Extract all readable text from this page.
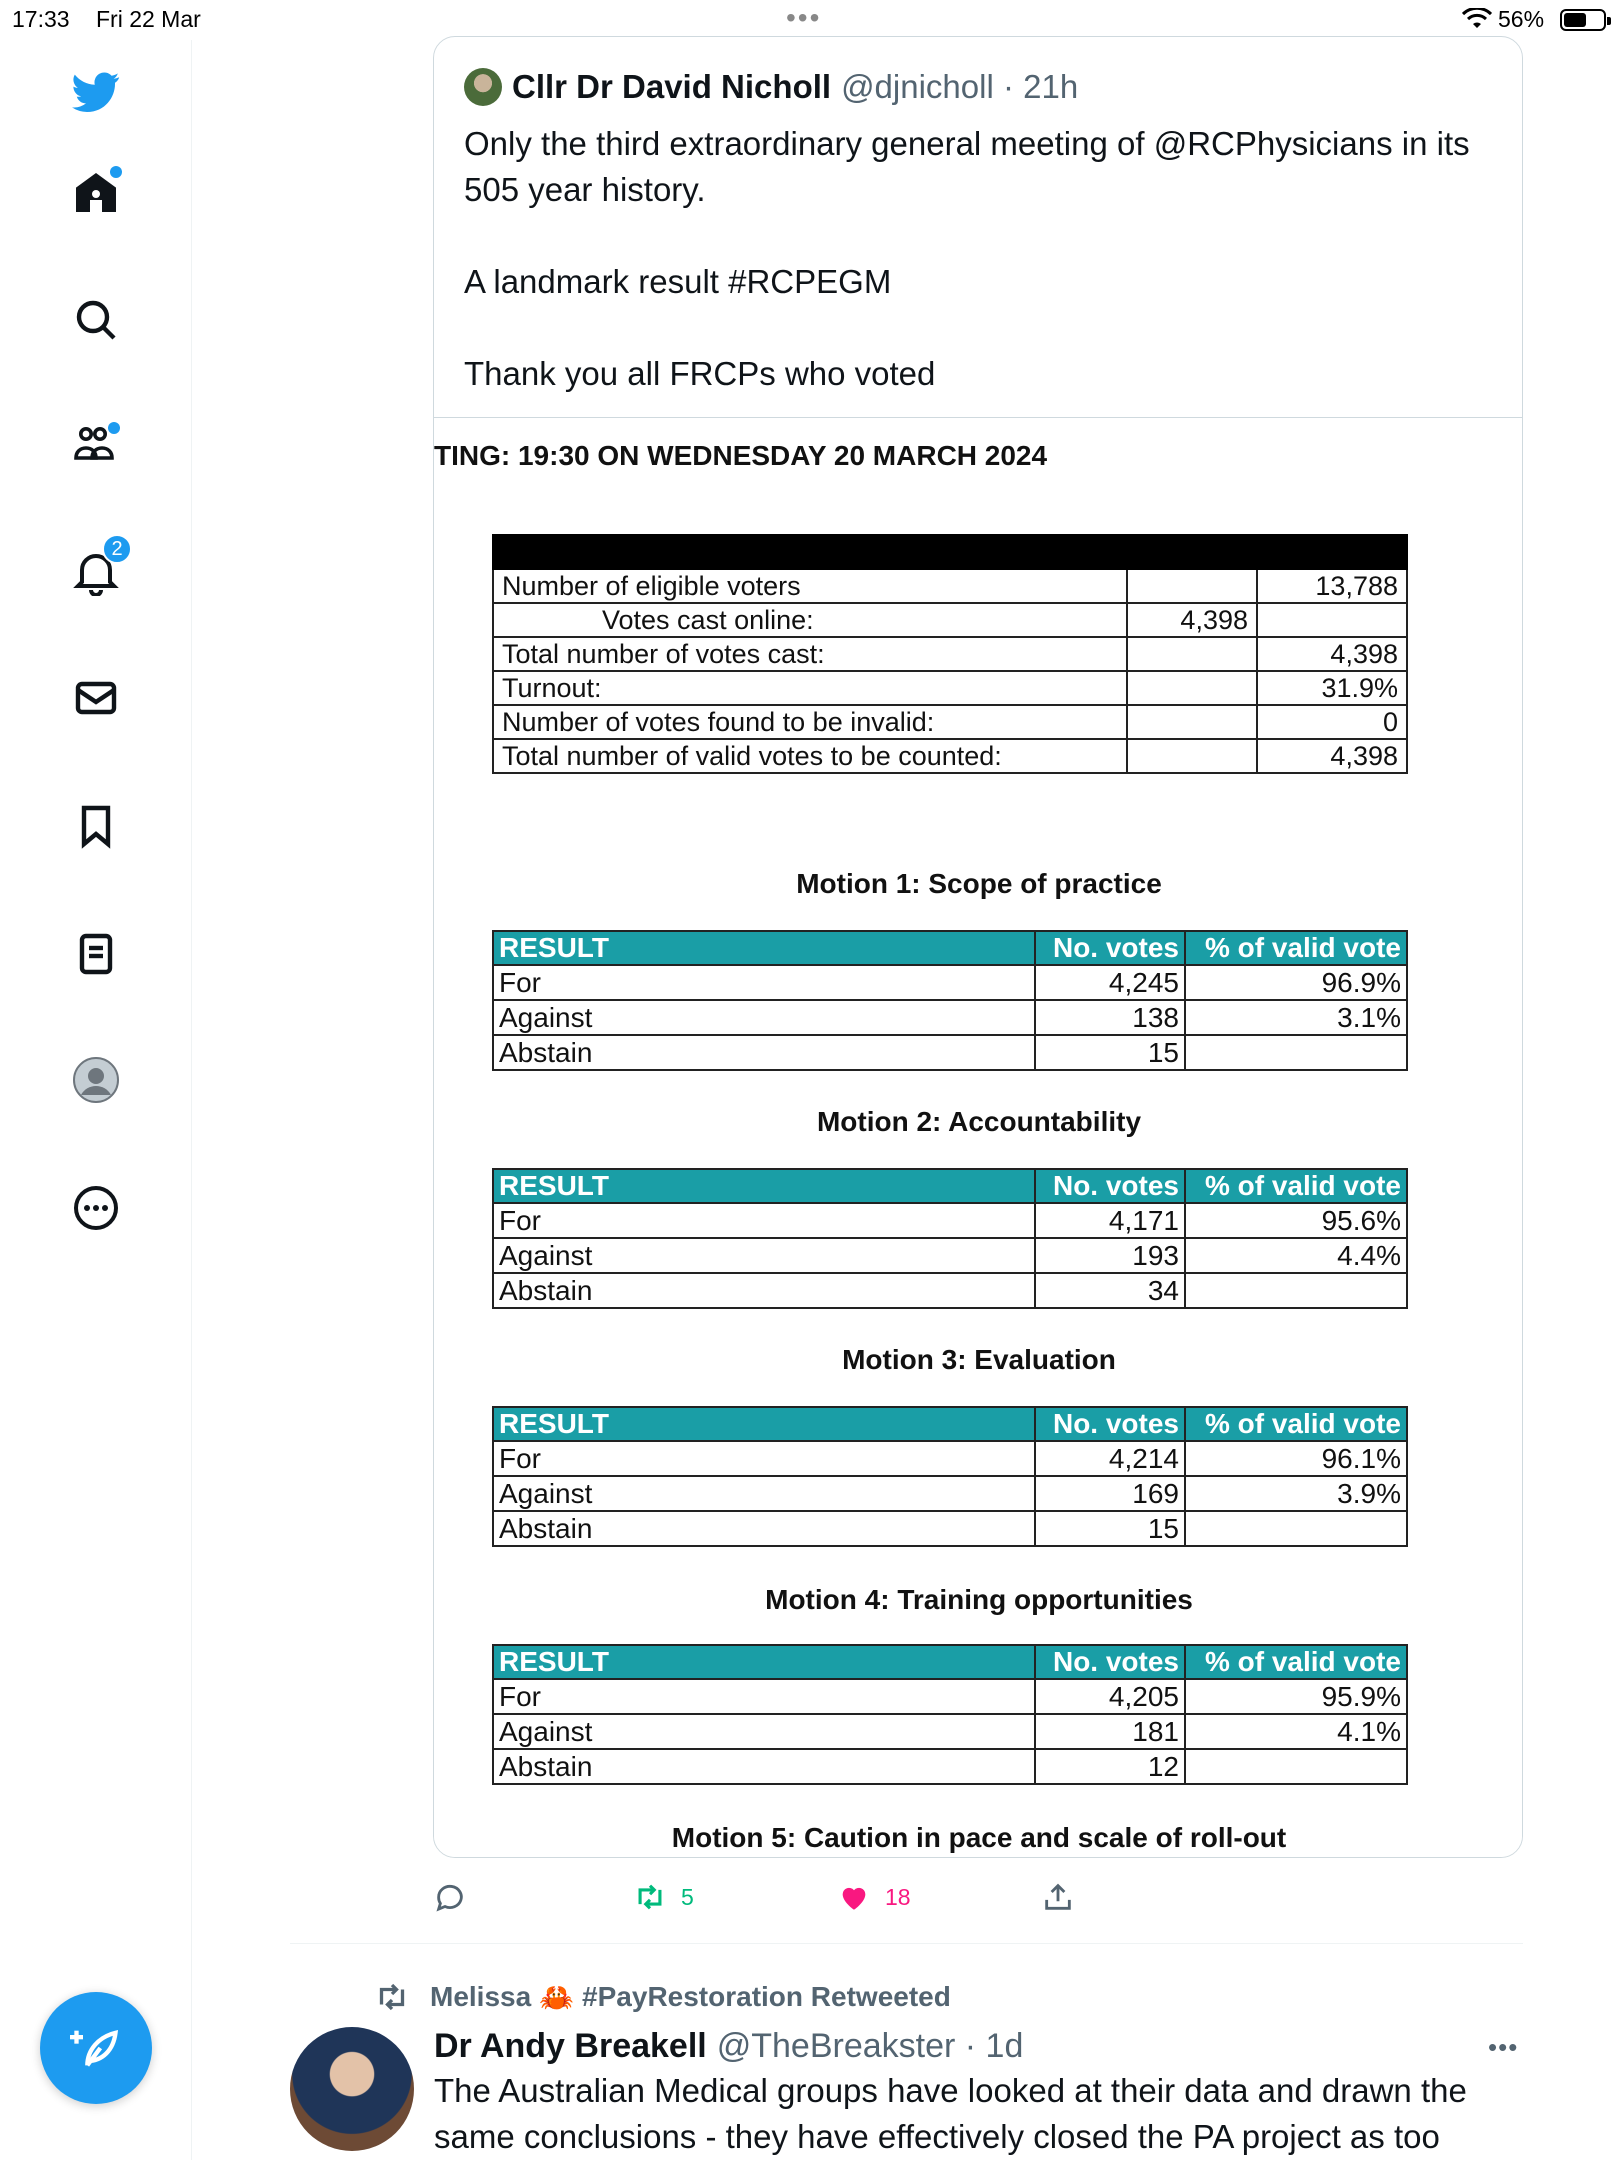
17:33 Fri 22 Mar	•••	56%
2
Cllr Dr David Nicholl @djnicholl · 21h
Only the third extraordinary general meeting of @RCPhysicians in its 505 year history.

A landmark result #RCPEGM

Thank you all FRCPs who voted
TING: 19:30 ON WEDNESDAY 20 MARCH 2024

Number of eligible voters		13,788
Votes cast online:	4,398	
Total number of votes cast:		4,398
Turnout:		31.9%
Number of votes found to be invalid:		0
Total number of valid votes to be counted:		4,398
Motion 1: Scope of practice
RESULT	No. votes	% of valid vote
For	4,245	96.9%
Against	138	3.1%
Abstain	15	
Motion 2: Accountability
RESULT	No. votes	% of valid vote
For	4,171	95.6%
Against	193	4.4%
Abstain	34	
Motion 3: Evaluation
RESULT	No. votes	% of valid vote
For	4,214	96.1%
Against	169	3.9%
Abstain	15	
Motion 4: Training opportunities
RESULT	No. votes	% of valid vote
For	4,205	95.9%
Against	181	4.1%
Abstain	12	
Motion 5: Caution in pace and scale of roll-out
5	18
Melissa 🦀 #PayRestoration Retweeted
Dr Andy Breakell @TheBreakster · 1d	•••
The Australian Medical groups have looked at their data and drawn the same conclusions - they have effectively closed the PA project as too
